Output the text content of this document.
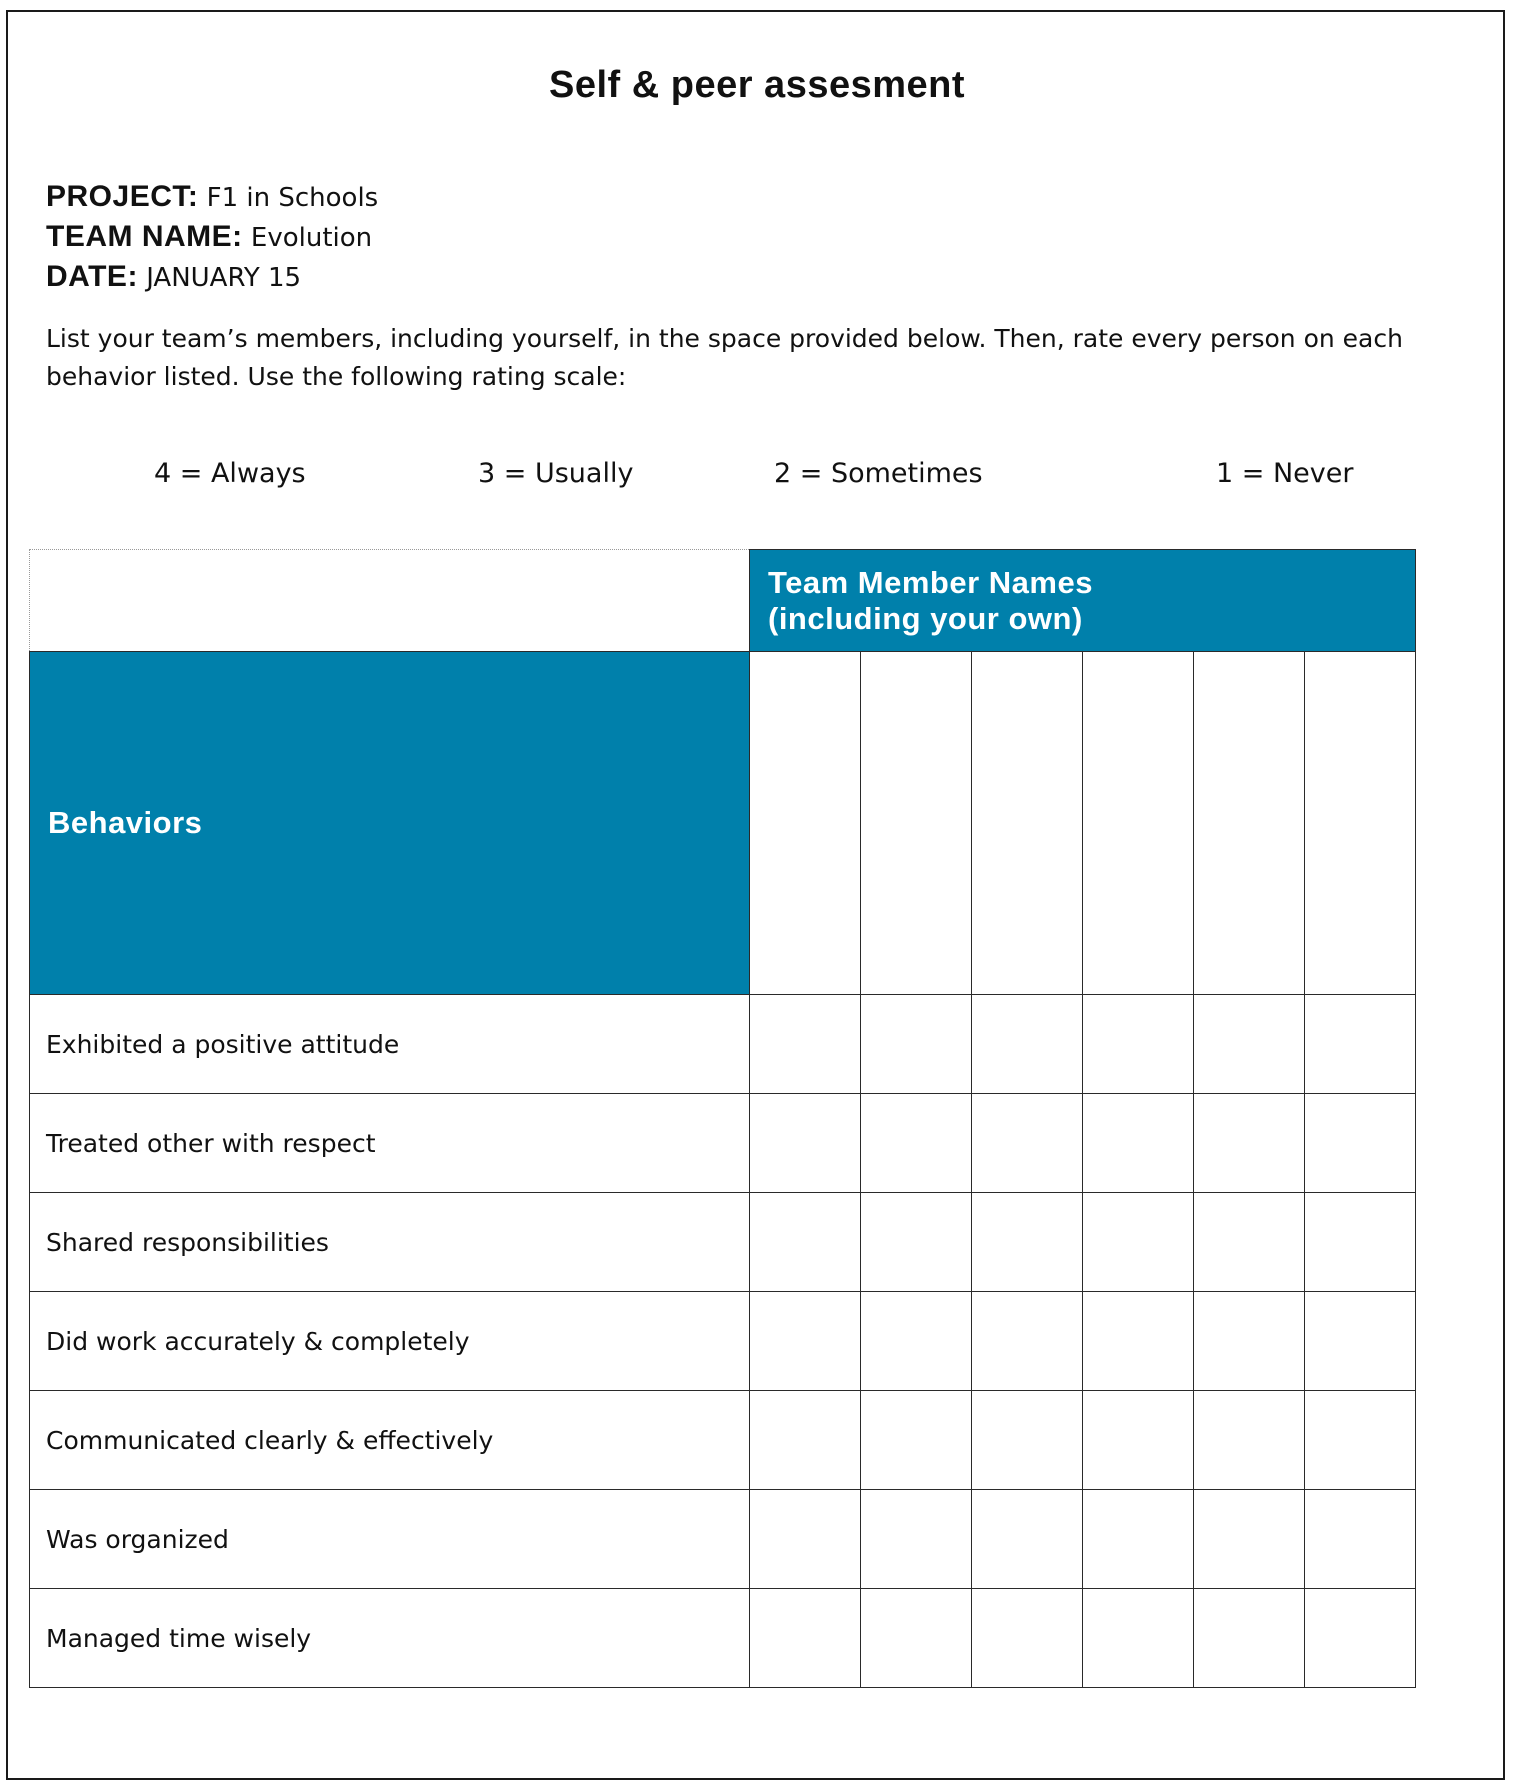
Self & peer assesment
PROJECT: F1 in Schools
TEAM NAME: Evolution
DATE: JANUARY 15
List your team’s members, including yourself, in the space provided below. Then, rate every person on each behavior listed. Use the following rating scale:
4 = Always	3 = Usually	2 = Sometimes	1 = Never

	Team Member Names
(including your own)					

Behaviors						
Exhibited a positive attitude						
Treated other with respect						
Shared responsibilities						
Did work accurately & completely						
Communicated clearly & effectively						
Was organized						
Managed time wisely						
